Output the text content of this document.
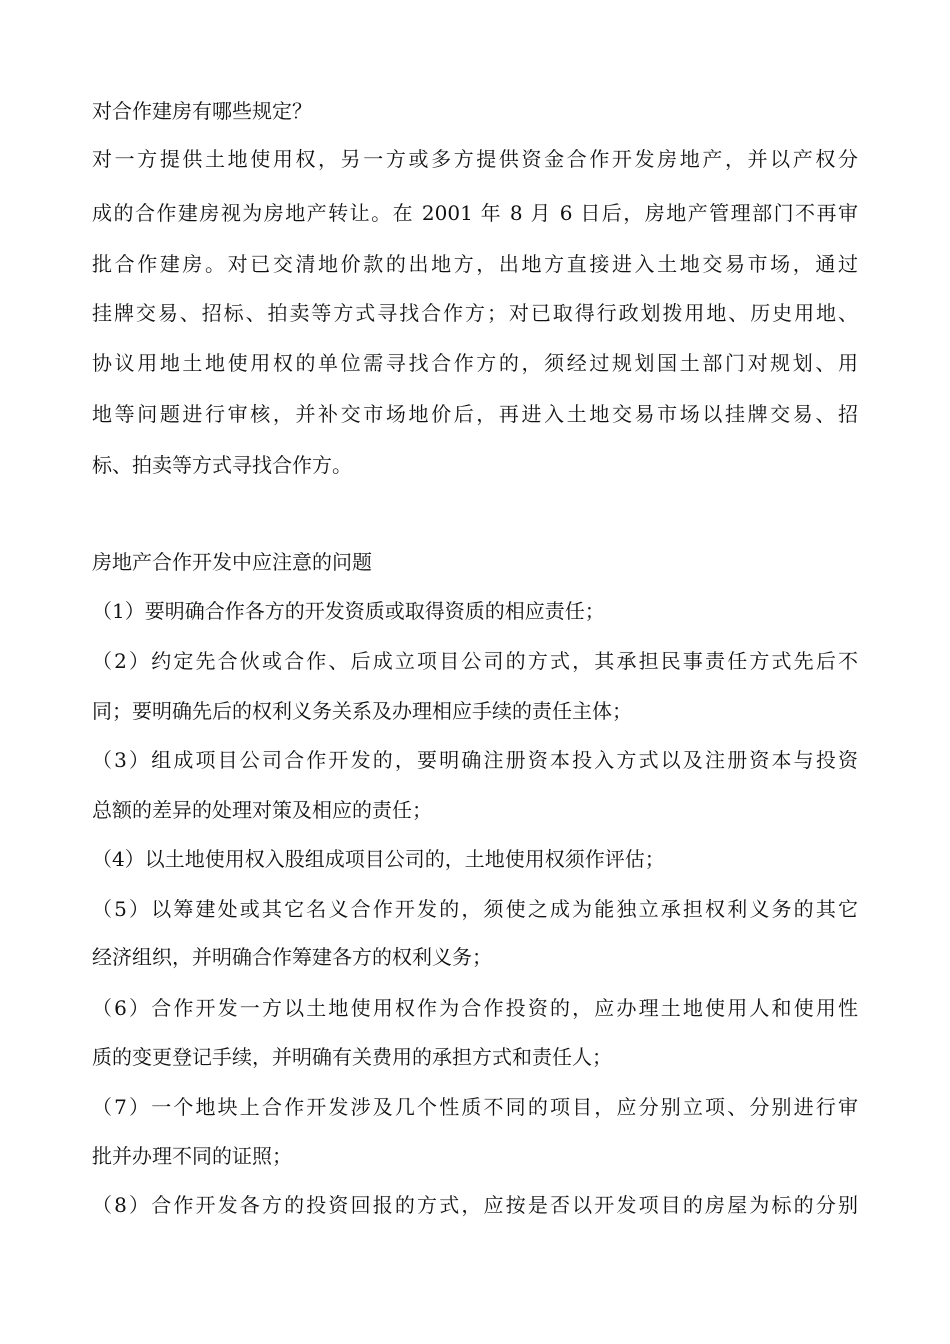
对合作建房有哪些规定？
对一方提供土地使用权，另一方或多方提供资金合作开发房地产，并以产权分
成的合作建房视为房地产转让。在 2001 年 8 月 6 日后，房地产管理部门不再审
批合作建房。对已交清地价款的出地方，出地方直接进入土地交易市场，通过
挂牌交易、招标、拍卖等方式寻找合作方；对已取得行政划拨用地、历史用地、
协议用地土地使用权的单位需寻找合作方的，须经过规划国土部门对规划、用
地等问题进行审核，并补交市场地价后，再进入土地交易市场以挂牌交易、招
标、拍卖等方式寻找合作方。
房地产合作开发中应注意的问题
（1）要明确合作各方的开发资质或取得资质的相应责任；
（2）约定先合伙或合作、后成立项目公司的方式，其承担民事责任方式先后不
同；要明确先后的权利义务关系及办理相应手续的责任主体；
（3）组成项目公司合作开发的，要明确注册资本投入方式以及注册资本与投资
总额的差异的处理对策及相应的责任；
（4）以土地使用权入股组成项目公司的，土地使用权须作评估；
（5）以筹建处或其它名义合作开发的，须使之成为能独立承担权利义务的其它
经济组织，并明确合作筹建各方的权利义务；
（6）合作开发一方以土地使用权作为合作投资的，应办理土地使用人和使用性
质的变更登记手续，并明确有关费用的承担方式和责任人；
（7）一个地块上合作开发涉及几个性质不同的项目，应分别立项、分别进行审
批并办理不同的证照；
（8）合作开发各方的投资回报的方式，应按是否以开发项目的房屋为标的分别
